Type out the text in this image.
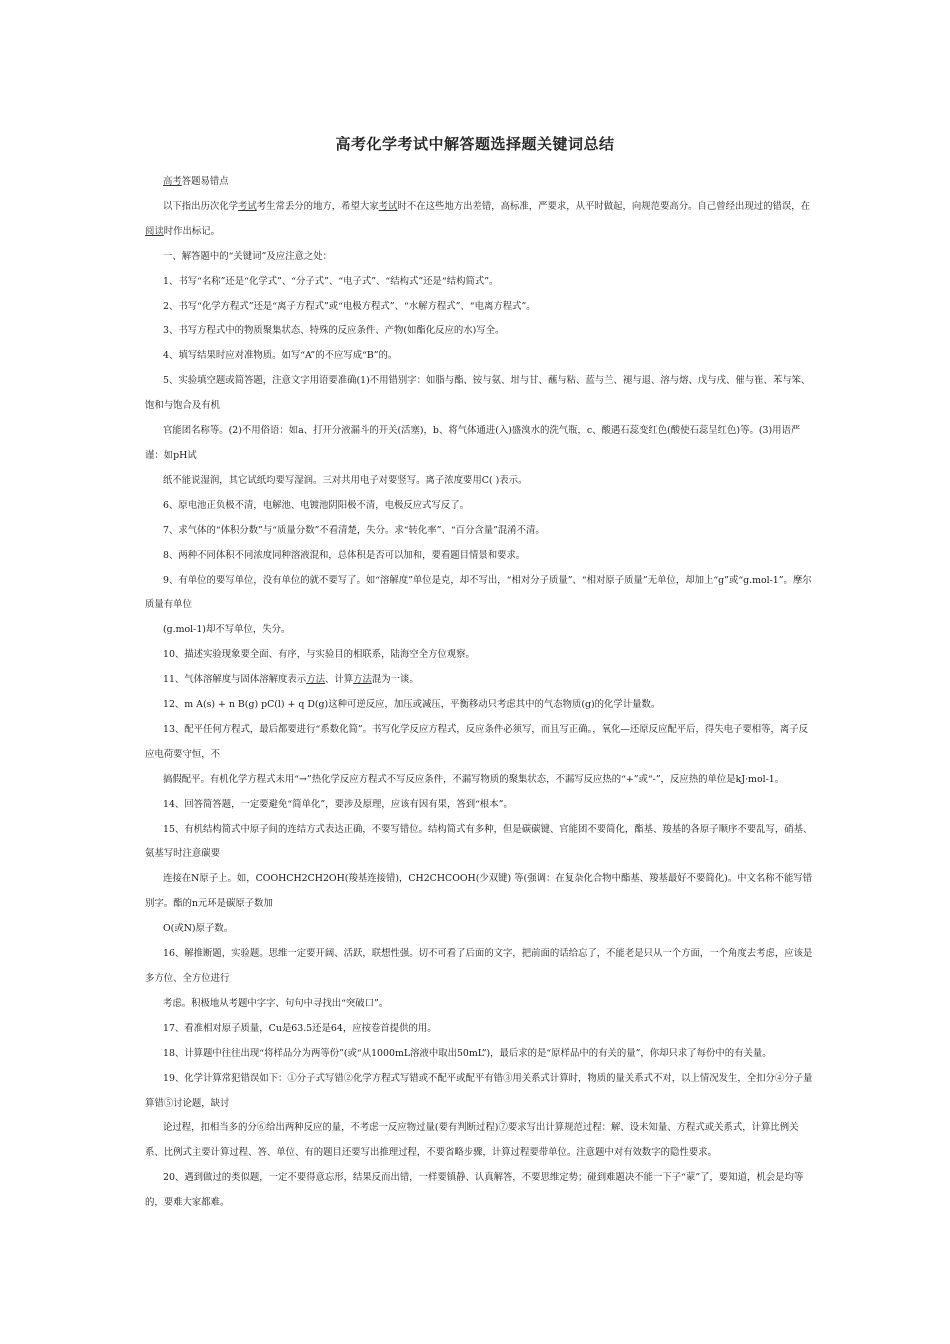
高考化学考试中解答题选择题关键词总结

高考答题易错点

以下指出历次化学考试考生常丢分的地方，希望大家考试时不在这些地方出差错，高标准，严要求，从平时做起，向规范要高分。自己曾经出现过的错误，在阅读时作出标记。

一、解答题中的“关键词”及应注意之处：

1、书写“名称”还是“化学式”、“分子式”、“电子式”、“结构式”还是“结构简式”。

2、书写“化学方程式”还是“离子方程式”或“电极方程式”、“水解方程式”、“电离方程式”。

3、书写方程式中的物质聚集状态、特殊的反应条件、产物(如酯化反应的水)写全。

4、填写结果时应对准物质。如写“A”的不应写成“B”的。

5、实验填空题或简答题，注意文字用语要准确(1)不用错别字：如脂与酯、铵与氨、坩与甘、蘸与粘、蓝与兰、褪与退、溶与熔、戊与戌、催与崔、苯与笨、饱和与饱合及有机

官能团名称等。(2)不用俗语：如a、打开分液漏斗的开关(活塞)，b、将气体通进(入)盛溴水的洗气瓶，c、酸遇石蕊变红色(酸使石蕊呈红色)等。(3)用语严谨：如pH试

纸不能说湿润，其它试纸均要写湿润。三对共用电子对要竖写。离子浓度要用C( )表示。

6、原电池正负极不清，电解池、电镀池阴阳极不清，电极反应式写反了。

7、求气体的“体积分数”与“质量分数”不看清楚，失分。求“转化率”、“百分含量”混淆不清。

8、两种不同体积不同浓度同种溶液混和，总体积是否可以加和，要看题目情景和要求。

9、有单位的要写单位，没有单位的就不要写了。如“溶解度”单位是克，却不写出，“相对分子质量”、“相对原子质量”无单位，却加上“g”或“g.mol-1”。摩尔质量有单位

(g.mol-1)却不写单位，失分。

10、描述实验现象要全面、有序，与实验目的相联系，陆海空全方位观察。

11、气体溶解度与固体溶解度表示方法、计算方法混为一谈。

12、m A(s) + n B(g) pC(l) + q D(g)这种可逆反应，加压或减压，平衡移动只考虑其中的气态物质(g)的化学计量数。

13、配平任何方程式，最后都要进行“系数化简”。书写化学反应方程式，反应条件必须写，而且写正确。，氧化—还原反应配平后，得失电子要相等，离子反应电荷要守恒，不

搞假配平。有机化学方程式未用“→”热化学反应方程式不写反应条件，不漏写物质的聚集状态，不漏写反应热的“+”或“-”，反应热的单位是kJ·mol-1。

14、回答简答题，一定要避免“简单化”，要涉及原理，应该有因有果，答到“根本”。

15、有机结构简式中原子间的连结方式表达正确，不要写错位。结构简式有多种，但是碳碳键、官能团不要简化，酯基、羧基的各原子顺序不要乱写，硝基、氨基写时注意碳要

连接在N原子上。如，COOHCH2CH2OH(羧基连接错)，CH2CHCOOH(少双键) 等(强调：在复杂化合物中酯基、羧基最好不要简化)。中文名称不能写错别字。酯的n元环是碳原子数加

O(或N)原子数。

16、解推断题，实验题。思维一定要开阔、活跃，联想性强。切不可看了后面的文字，把前面的话给忘了，不能老是只从一个方面，一个角度去考虑，应该是多方位、全方位进行

考虑。积极地从考题中字字、句句中寻找出“突破口”。

17、看准相对原子质量，Cu是63.5还是64，应按卷首提供的用。

18、计算题中往往出现“将样品分为两等份”(或“从1000mL溶液中取出50mL”)，最后求的是“原样品中的有关的量”，你却只求了每份中的有关量。

19、化学计算常犯错误如下：①分子式写错②化学方程式写错或不配平或配平有错③用关系式计算时，物质的量关系式不对，以上情况发生，全扣分④分子量算错⑤讨论题，缺讨

论过程，扣相当多的分⑥给出两种反应的量，不考虑一反应物过量(要有判断过程)⑦要求写出计算规范过程：解、设未知量、方程式或关系式，计算比例关系、比例式主要计算过程、答、单位、有的题目还要写出推理过程，不要省略步骤，计算过程要带单位。注意题中对有效数字的隐性要求。

20、遇到做过的类似题，一定不要得意忘形，结果反而出错，一样要镇静、认真解答，不要思维定势；碰到难题决不能一下子“蒙”了，要知道，机会是均等的，要难大家都难。
